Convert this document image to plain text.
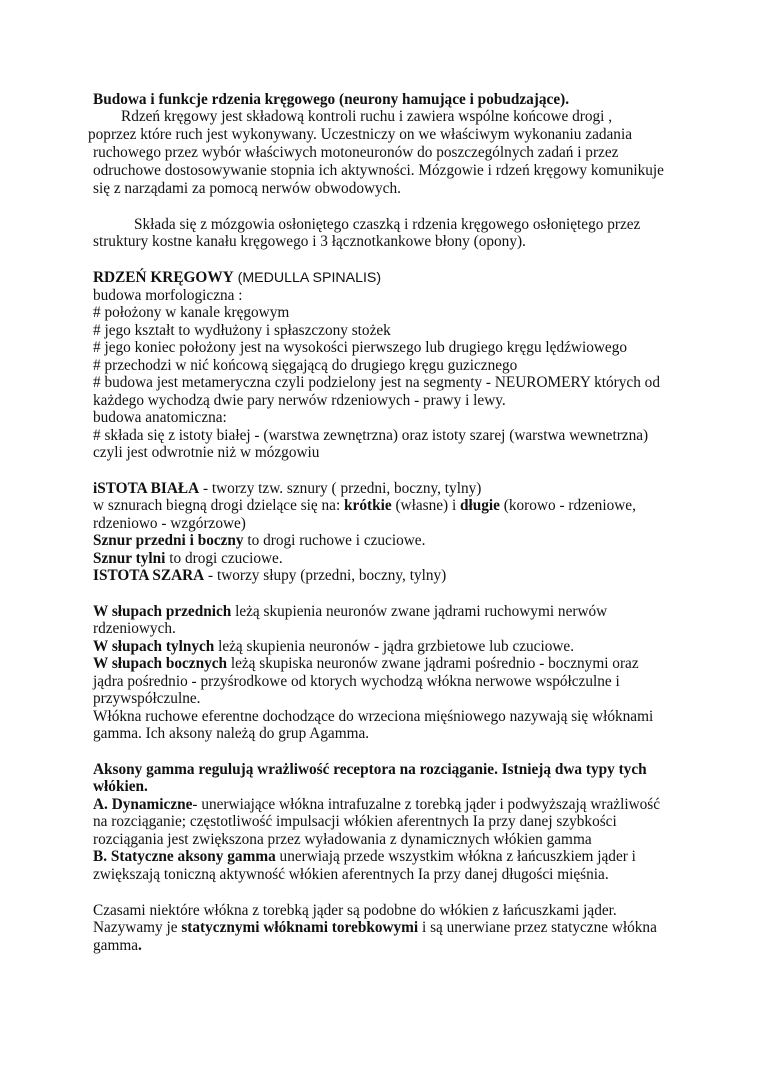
Budowa i funkcje rdzenia kręgowego (neurony hamujące i pobudzające).
Rdzeń kręgowy jest składową kontroli ruchu i zawiera wspólne końcowe drogi ,
poprzez które ruch jest wykonywany. Uczestniczy on we właściwym wykonaniu zadania
ruchowego przez wybór właściwych motoneuronów do poszczególnych zadań i przez
odruchowe dostosowywanie stopnia ich aktywności. Mózgowie i rdzeń kręgowy komunikuje
się z narządami za pomocą nerwów obwodowych.
Składa się z mózgowia osłoniętego czaszką i rdzenia kręgowego osłoniętego przez
struktury kostne kanału kręgowego i 3 łącznotkankowe błony (opony).
RDZEŃ KRĘGOWY (MEDULLA SPINALIS)
budowa morfologiczna :
# położony w kanale kręgowym
# jego kształt to wydłużony i spłaszczony stożek
# jego koniec położony jest na wysokości pierwszego lub drugiego kręgu lędźwiowego
# przechodzi w nić końcową sięgającą do drugiego kręgu guzicznego
# budowa jest metameryczna czyli podzielony jest na segmenty - NEUROMERY których od
każdego wychodzą dwie pary nerwów rdzeniowych - prawy i lewy.
budowa anatomiczna:
# składa się z istoty białej - (warstwa zewnętrzna) oraz istoty szarej (warstwa wewnetrzna)
czyli jest odwrotnie niż w mózgowiu
iSTOTA BIAŁA - tworzy tzw. sznury ( przedni, boczny, tylny)
w sznurach biegną drogi dzielące się na: krótkie (własne) i długie (korowo - rdzeniowe,
rdzeniowo - wzgórzowe)
Sznur przedni i boczny to drogi ruchowe i czuciowe.
Sznur tylni to drogi czuciowe.
ISTOTA SZARA - tworzy słupy (przedni, boczny, tylny)
W słupach przednich leżą skupienia neuronów zwane jądrami ruchowymi nerwów
rdzeniowych.
W słupach tylnych leżą skupienia neuronów - jądra grzbietowe lub czuciowe.
W słupach bocznych leżą skupiska neuronów zwane jądrami pośrednio - bocznymi oraz
jądra pośrednio - przyśrodkowe od ktorych wychodzą włókna nerwowe współczulne i
przywspółczulne.
Włókna ruchowe eferentne dochodzące do wrzeciona mięśniowego nazywają się włóknami
gamma. Ich aksony należą do grup Agamma.
Aksony gamma regulują wrażliwość receptora na rozciąganie. Istnieją dwa typy tych
włókien.
A. Dynamiczne- unerwiające włókna intrafuzalne z torebką jąder i podwyższają wrażliwość
na rozciąganie; częstotliwość impulsacji włókien aferentnych Ia przy danej szybkości
rozciągania jest zwiększona przez wyładowania z dynamicznych włókien gamma
B. Statyczne aksony gamma unerwiają przede wszystkim włókna z łańcuszkiem jąder i
zwiększają toniczną aktywność włókien aferentnych Ia przy danej długości mięśnia.
Czasami niektóre włókna z torebką jąder są podobne do włókien z łańcuszkami jąder.
Nazywamy je statycznymi włóknami torebkowymi i są unerwiane przez statyczne włókna
gamma.
